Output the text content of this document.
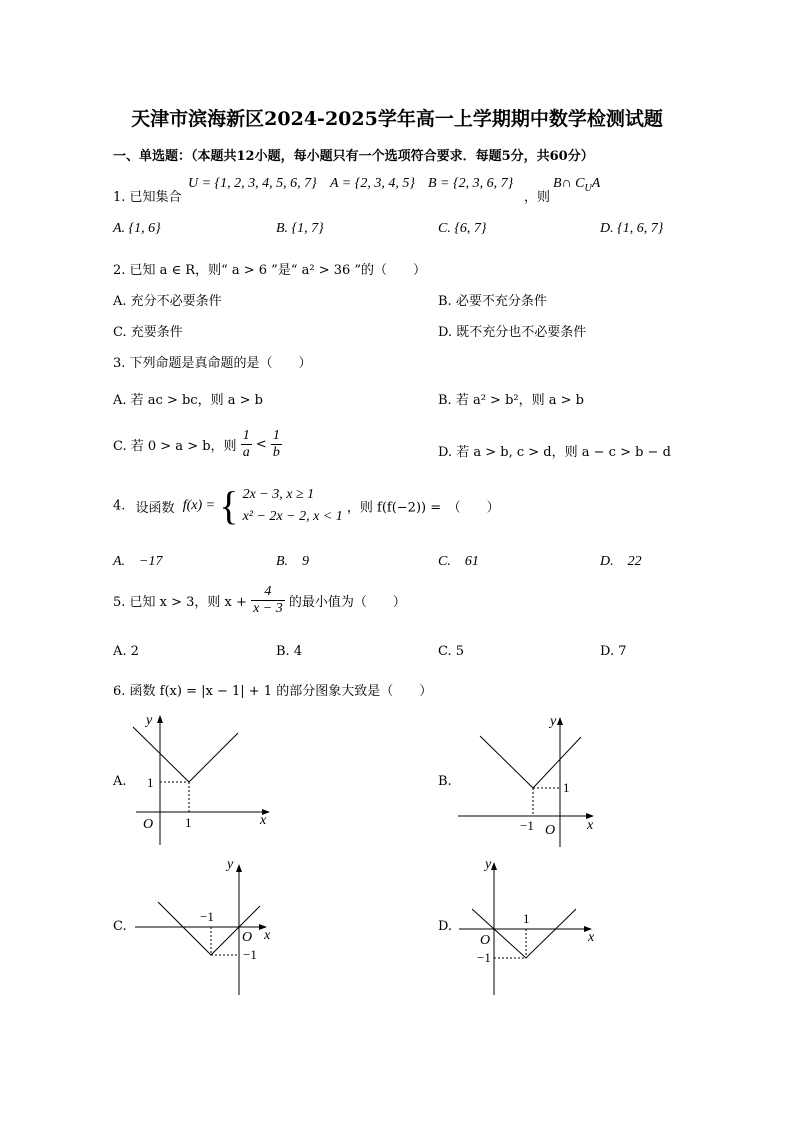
天津市滨海新区2024-2025学年高一上学期期中数学检测试题
一、单选题：（本题共12小题，每小题只有一个选项符合要求．每题5分，共60分）
1. 已知集合
U = {1, 2, 3, 4, 5, 6, 7} A = {2, 3, 4, 5} B = {2, 3, 6, 7}
，则
B∩ $C_UA$
A. {1, 6}	B. {1, 7}	C. {6, 7}	D. {1, 6, 7}
2. 已知 a ∈ R，则“ a > 6 ”是“ a² > 36 ”的（　　）
A. 充分不必要条件	B. 必要不充分条件
C. 充要条件	D. 既不充分也不必要条件
3. 下列命题是真命题的是（　　）
A. 若 ac > bc，则 a > b	B. 若 a² > b²，则 a > b
C. 若 0 > a > b，则 $\frac{1}{a} < \frac{1}{b}$	D. 若 a > b, c > d，则 a − c > b − d
4. 设函数 f(x) = { 2x − 3, x ≥ 1
x² − 2x − 2, x < 1
，则 f(f(−2)) =　（　　）
A.　−17	B.　9	C.　61	D.　22
5. 已知 x > 3，则 $x + \frac{4}{x - 3}$ 的最小值为（　　）
A. 2	B. 4	C. 5	D. 7
6. 函数 f(x) = |x − 1| + 1 的部分图象大致是（　　）
A.	B.
C.	D.
y
x
O
1
1
y
x
O
1
−1
y
x
O
−1
−1
y
x
O
1
−1
